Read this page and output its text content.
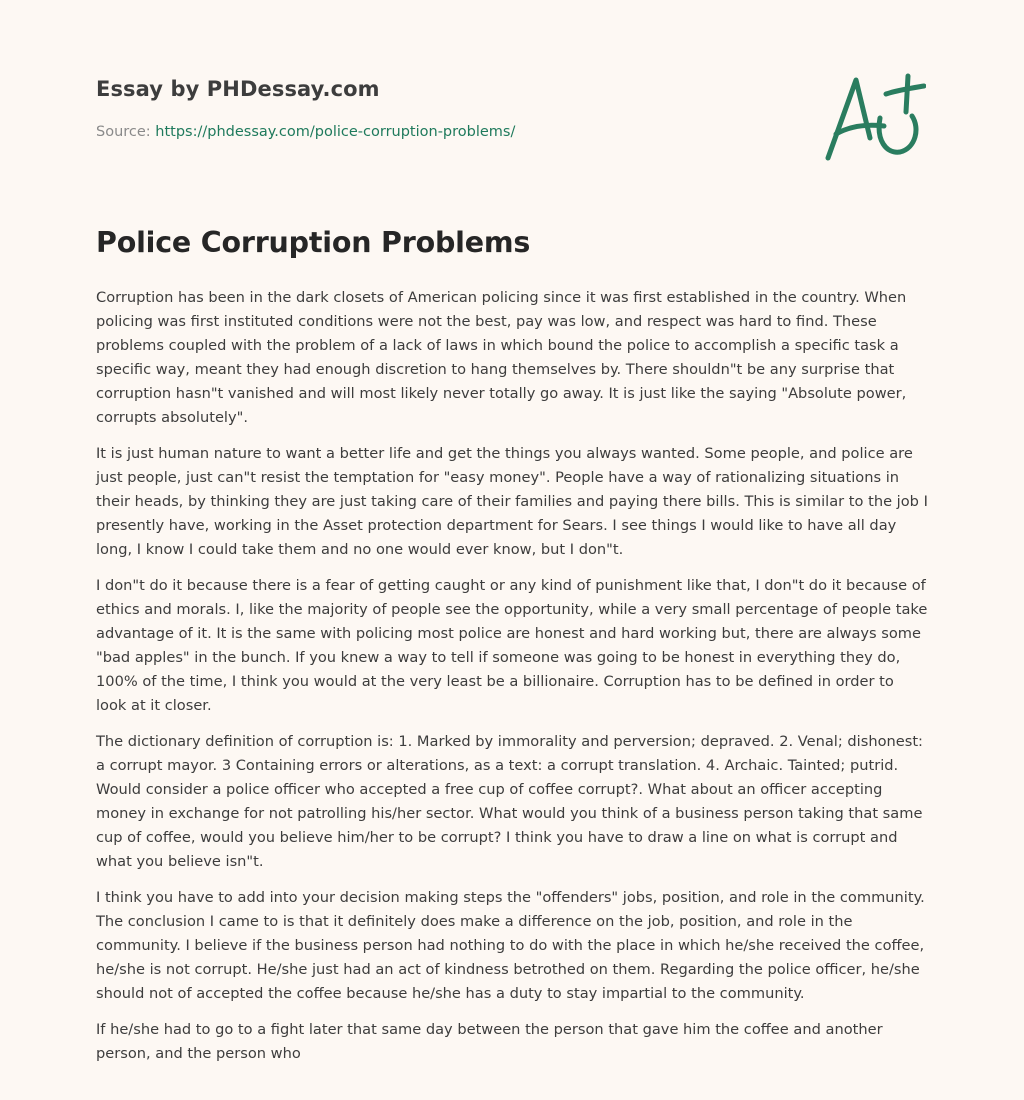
Essay by PHDessay.com
Source: https://phdessay.com/police-corruption-problems/
Police Corruption Problems

Corruption has been in the dark closets of American policing since it was first established in the country. When policing was first instituted conditions were not the best, pay was low, and respect was hard to find. These problems coupled with the problem of a lack of laws in which bound the police to accomplish a specific task a specific way, meant they had enough discretion to hang themselves by. There shouldn"t be any surprise that corruption hasn"t vanished and will most likely never totally go away. It is just like the saying "Absolute power, corrupts absolutely".

It is just human nature to want a better life and get the things you always wanted. Some people, and police are just people, just can"t resist the temptation for "easy money". People have a way of rationalizing situations in their heads, by thinking they are just taking care of their families and paying there bills. This is similar to the job I presently have, working in the Asset protection department for Sears. I see things I would like to have all day long, I know I could take them and no one would ever know, but I don"t.

I don"t do it because there is a fear of getting caught or any kind of punishment like that, I don"t do it because of ethics and morals. I, like the majority of people see the opportunity, while a very small percentage of people take advantage of it. It is the same with policing most police are honest and hard working but, there are always some "bad apples" in the bunch. If you knew a way to tell if someone was going to be honest in everything they do, 100% of the time, I think you would at the very least be a billionaire. Corruption has to be defined in order to look at it closer.

The dictionary definition of corruption is: 1. Marked by immorality and perversion; depraved. 2. Venal; dishonest: a corrupt mayor. 3 Containing errors or alterations, as a text: a corrupt translation. 4. Archaic. Tainted; putrid. Would consider a police officer who accepted a free cup of coffee corrupt?. What about an officer accepting money in exchange for not patrolling his/her sector. What would you think of a business person taking that same cup of coffee, would you believe him/her to be corrupt? I think you have to draw a line on what is corrupt and what you believe isn"t.

I think you have to add into your decision making steps the "offenders" jobs, position, and role in the community. The conclusion I came to is that it definitely does make a difference on the job, position, and role in the community. I believe if the business person had nothing to do with the place in which he/she received the coffee, he/she is not corrupt. He/she just had an act of kindness betrothed on them. Regarding the police officer, he/she should not of accepted the coffee because he/she has a duty to stay impartial to the community.

If he/she had to go to a fight later that same day between the person that gave him the coffee and another person, and the person who
